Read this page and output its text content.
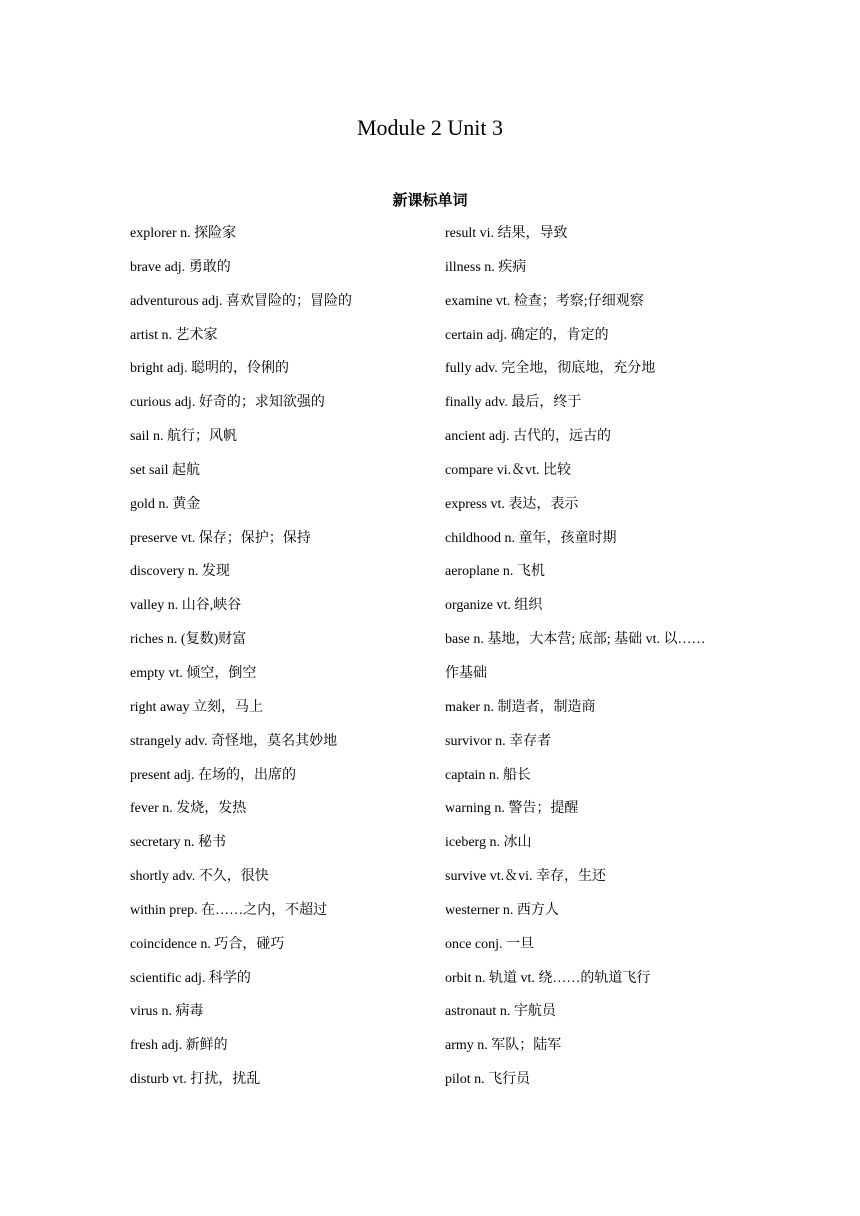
Module 2 Unit 3
新课标单词
explorer n. 探险家
brave adj. 勇敢的
adventurous adj. 喜欢冒险的；冒险的
artist n. 艺术家
bright adj. 聪明的，伶俐的
curious adj. 好奇的；求知欲强的
sail n. 航行；风帆
set sail 起航
gold n. 黄金
preserve vt. 保存；保护；保持
discovery n. 发现
valley n. 山谷,峡谷
riches n. (复数)财富
empty vt. 倾空，倒空
right away 立刻，马上
strangely adv. 奇怪地，莫名其妙地
present adj. 在场的，出席的
fever n. 发烧，发热
secretary n. 秘书
shortly adv. 不久，很快
within prep. 在……之内，不超过
coincidence n. 巧合，碰巧
scientific adj. 科学的
virus n. 病毒
fresh adj. 新鲜的
disturb vt. 打扰，扰乱
result vi. 结果，导致
illness n. 疾病
examine vt. 检查；考察;仔细观察
certain adj. 确定的，肯定的
fully adv. 完全地，彻底地，充分地
finally adv. 最后，终于
ancient adj. 古代的，远古的
compare vi.＆vt. 比较
express vt. 表达，表示
childhood n. 童年，孩童时期
aeroplane n. 飞机
organize vt. 组织
base n. 基地，大本营; 底部; 基础 vt. 以……
作基础
maker n. 制造者，制造商
survivor n. 幸存者
captain n. 船长
warning n. 警告；提醒
iceberg n. 冰山
survive vt.＆vi. 幸存，生还
westerner n. 西方人
once conj. 一旦
orbit n. 轨道 vt. 绕……的轨道飞行
astronaut n. 宇航员
army n. 军队；陆军
pilot n. 飞行员
